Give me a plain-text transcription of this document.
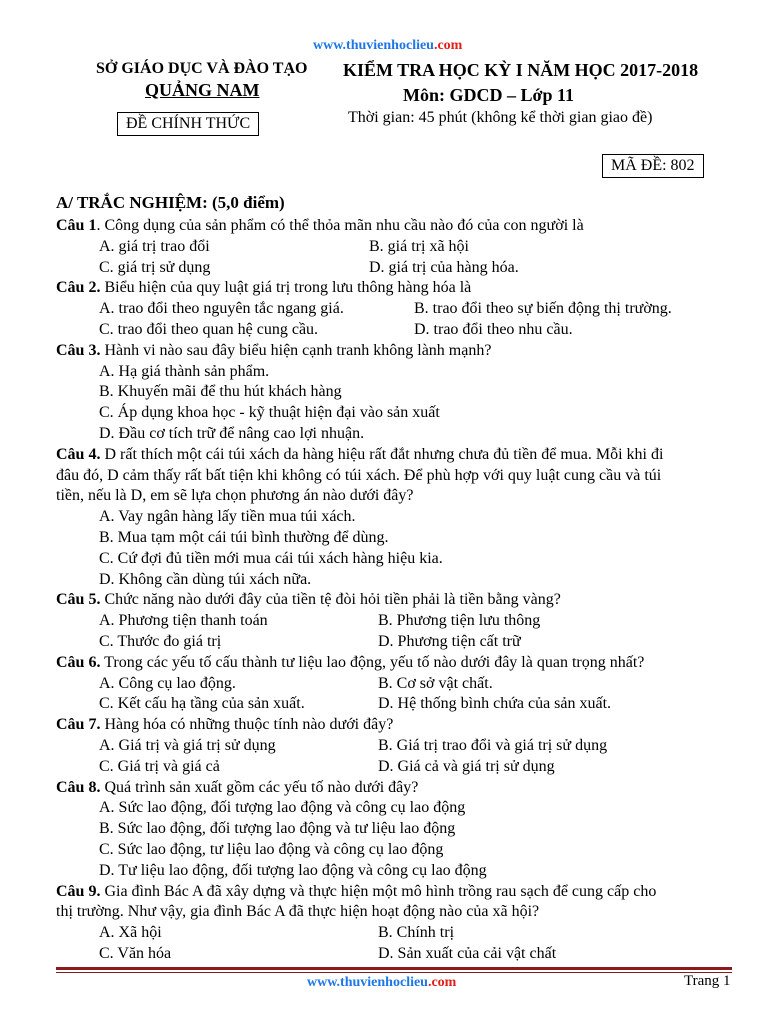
www.thuvienhoclieu.com
SỞ GIÁO DỤC VÀ ĐÀO TẠO
QUẢNG NAM
ĐỀ CHÍNH THỨC
KIỂM TRA HỌC KỲ I NĂM HỌC 2017-2018
Môn: GDCD – Lớp 11
Thời gian: 45 phút (không kể thời gian giao đề)
MÃ ĐỀ: 802
A/ TRẮC NGHIỆM: (5,0 điểm)
Câu 1. Công dụng của sản phẩm có thể thỏa mãn nhu cầu nào đó của con người là
A. giá trị trao đổi	B. giá trị xã hội
C. giá trị sử dụng	D. giá trị của hàng hóa.
Câu 2. Biểu hiện của quy luật giá trị trong lưu thông hàng hóa là
A. trao đổi theo nguyên tắc ngang giá.	B. trao đổi theo sự biến động thị trường.
C. trao đổi theo quan hệ cung cầu.	D. trao đổi theo nhu cầu.
Câu 3. Hành vi nào sau đây biểu hiện cạnh tranh không lành mạnh?
A. Hạ giá thành sản phẩm.
B. Khuyến mãi để thu hút khách hàng
C. Áp dụng khoa học - kỹ thuật hiện đại vào sản xuất
D. Đầu cơ tích trữ để nâng cao lợi nhuận.
Câu 4. D rất thích một cái túi xách da hàng hiệu rất đắt nhưng chưa đủ tiền để mua. Mỗi khi đi
đâu đó, D cảm thấy rất bất tiện khi không có túi xách. Để phù hợp với quy luật cung cầu và túi
tiền, nếu là D, em sẽ lựa chọn phương án nào dưới đây?
A. Vay ngân hàng lấy tiền mua túi xách.
B. Mua tạm một cái túi bình thường để dùng.
C. Cứ đợi đủ tiền mới mua cái túi xách hàng hiệu kia.
D. Không cần dùng túi xách nữa.
Câu 5. Chức năng nào dưới đây của tiền tệ đòi hỏi tiền phải là tiền bằng vàng?
A. Phương tiện thanh toán	B. Phương tiện lưu thông
C. Thước đo giá trị	D. Phương tiện cất trữ
Câu 6. Trong các yếu tố cấu thành tư liệu lao động, yếu tố nào dưới đây là quan trọng nhất?
A. Công cụ lao động.	B. Cơ sở vật chất.
C. Kết cấu hạ tầng của sản xuất.	D. Hệ thống bình chứa của sản xuất.
Câu 7. Hàng hóa có những thuộc tính nào dưới đây?
A. Giá trị và giá trị sử dụng	B. Giá trị trao đổi và giá trị sử dụng
C. Giá trị và giá cả	D. Giá cả và giá trị sử dụng
Câu 8. Quá trình sản xuất gồm các yếu tố nào dưới đây?
A. Sức lao động, đối tượng lao động và công cụ lao động
B. Sức lao động, đối tượng lao động và tư liệu lao động
C. Sức lao động, tư liệu lao động và công cụ lao động
D. Tư liệu lao động, đối tượng lao động và công cụ lao động
Câu 9. Gia đình Bác A đã xây dựng và thực hiện một mô hình trồng rau sạch để cung cấp cho
thị trường. Như vậy, gia đình Bác A đã thực hiện hoạt động nào của xã hội?
A. Xã hội	B. Chính trị
C. Văn hóa	D. Sản xuất của cải vật chất
www.thuvienhoclieu.com	Trang 1
